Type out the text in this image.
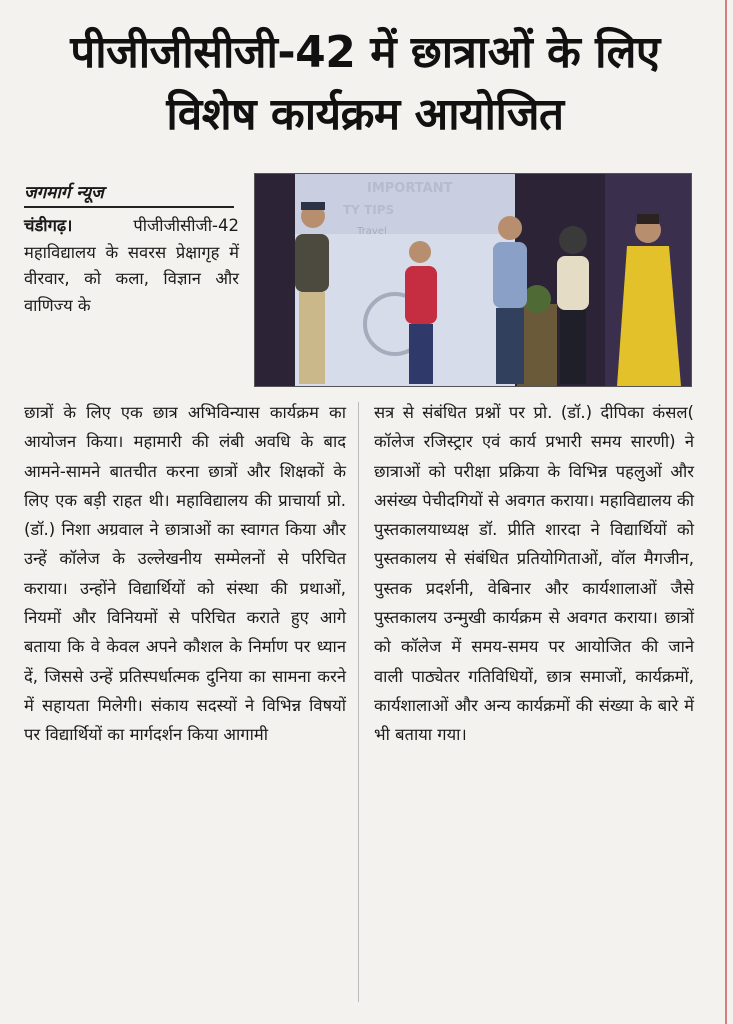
पीजीजीसीजी-42 में छात्राओं के लिए विशेष कार्यक्रम आयोजित
जगमार्ग न्यूज
चंडीगढ़।	पीजीजीसीजी-42 महाविद्यालय के सवरस प्रेक्षागृह में वीरवार, को कला, विज्ञान और वाणिज्य के
IMPORTANT
TY TIPS
Travel
छात्रों के लिए एक छात्र अभिविन्यास कार्यक्रम का आयोजन किया। महामारी की लंबी अवधि के बाद आमने-सामने बातचीत करना छात्रों और शिक्षकों के लिए एक बड़ी राहत थी। महाविद्यालय की प्राचार्या प्रो.(डॉ.) निशा अग्रवाल ने छात्राओं का स्वागत किया और उन्हें कॉलेज के उल्लेखनीय सम्मेलनों से परिचित कराया। उन्होंने विद्यार्थियों को संस्था की प्रथाओं, नियमों और विनियमों से परिचित कराते हुए आगे बताया कि वे केवल अपने कौशल के निर्माण पर ध्यान दें, जिससे उन्हें प्रतिस्पर्धात्मक दुनिया का सामना करने में सहायता मिलेगी। संकाय सदस्यों ने विभिन्न विषयों पर विद्यार्थियों का मार्गदर्शन किया आगामी
सत्र से संबंधित प्रश्नों पर प्रो. (डॉ.) दीपिका कंसल( कॉलेज रजिस्ट्रार एवं कार्य प्रभारी समय सारणी) ने छात्राओं को परीक्षा प्रक्रिया के विभिन्न पहलुओं और असंख्य पेचीदगियों से अवगत कराया। महाविद्यालय की पुस्तकालयाध्यक्ष डॉ. प्रीति शारदा ने विद्यार्थियों को पुस्तकालय से संबंधित प्रतियोगिताओं, वॉल मैगजीन, पुस्तक प्रदर्शनी, वेबिनार और कार्यशालाओं जैसे पुस्तकालय उन्मुखी कार्यक्रम से अवगत कराया। छात्रों को कॉलेज में समय-समय पर आयोजित की जाने वाली पाठ्येतर गतिविधियों, छात्र समाजों, कार्यक्रमों, कार्यशालाओं और अन्य कार्यक्रमों की संख्या के बारे में भी बताया गया।
